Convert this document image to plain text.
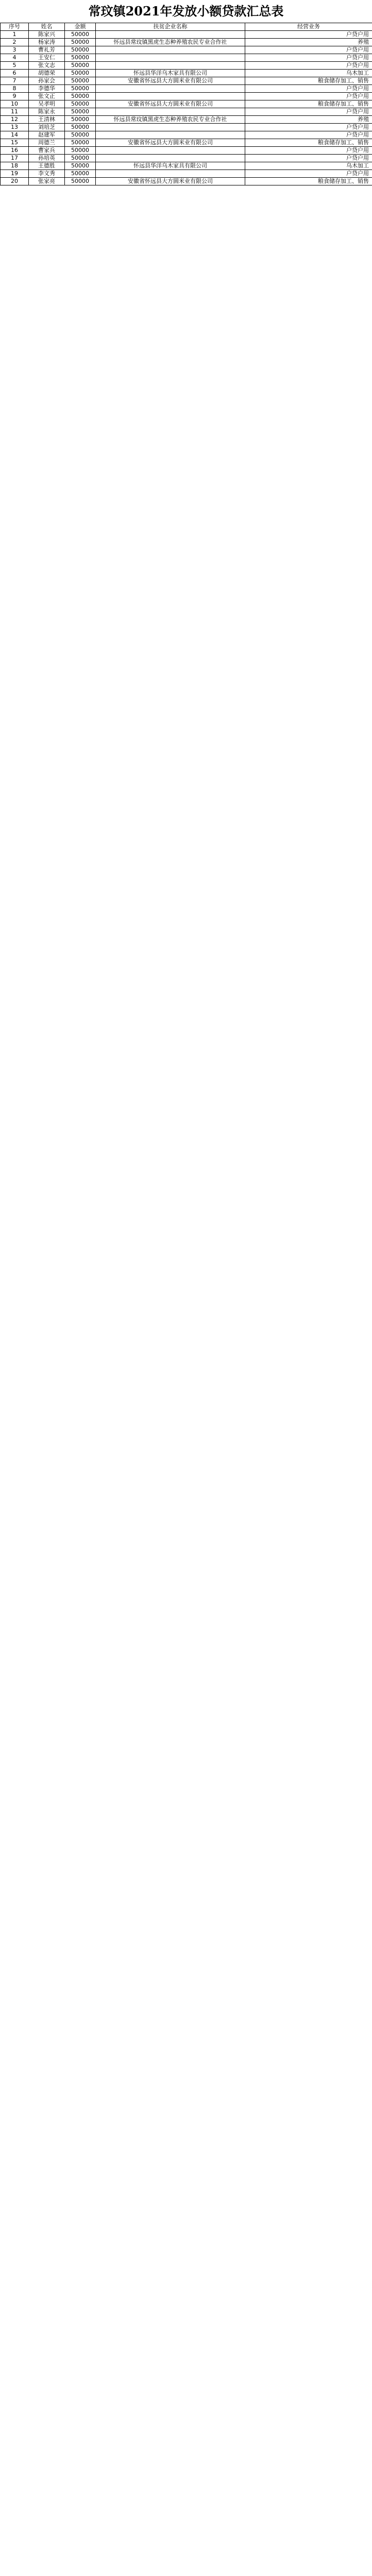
常玟镇2021年发放小额贷款汇总表
序号	姓名	金额	扶贫企业名称	经营业务
1	陈家兴	50000		户贷户用
2	杨家涛	50000	怀远县常玟镇黑虎生态种养殖农民专业合作社	养殖
3	曹礼芳	50000		户贷户用
4	王安仁	50000		户贷户用
5	张文志	50000		户贷户用
6	胡德荣	50000	怀远县华洋乌木家具有限公司	乌木加工
7	孙家会	50000	安徽省怀远县大方圆米业有限公司	粮食储存加工、销售
8	李德华	50000		户贷户用
9	张文正	50000		户贷户用
10	吴孝明	50000	安徽省怀远县大方圆米业有限公司	粮食储存加工、销售
11	陈家永	50000		户贷户用
12	王清林	50000	怀远县常玟镇黑虎生态种养殖农民专业合作社	养殖
13	刘培芝	50000		户贷户用
14	赵建军	50000		户贷户用
15	周德兰	50000	安徽省怀远县大方圆米业有限公司	粮食储存加工、销售
16	曹家兵	50000		户贷户用
17	孙培英	50000		户贷户用
18	王德胜	50000	怀远县华洋乌木家具有限公司	乌木加工
19	李文秀	50000		户贷户用
20	张家亮	50000	安徽省怀远县大方圆米业有限公司	粮食储存加工、销售
